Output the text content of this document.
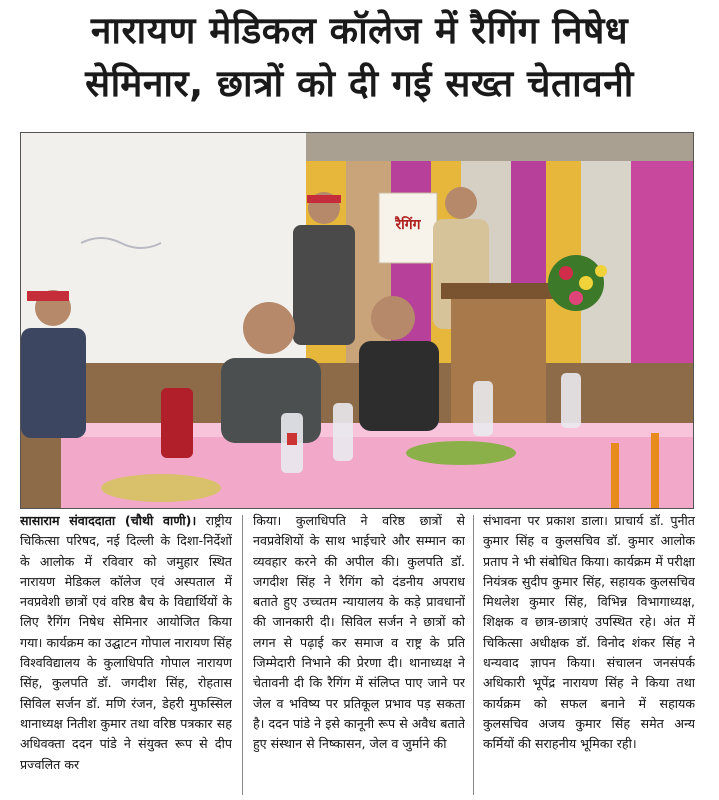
नारायण मेडिकल कॉलेज में रैगिंग निषेध
सेमिनार, छात्रों को दी गई सख्त चेतावनी
रैगिंग
सासाराम संवाददाता (चौथी वाणी)। राष्ट्रीय चिकित्सा परिषद, नई दिल्ली के दिशा-निर्देशों के आलोक में रविवार को जमुहार स्थित नारायण मेडिकल कॉलेज एवं अस्पताल में नवप्रवेशी छात्रों एवं वरिष्ठ बैच के विद्यार्थियों के लिए रैगिंग निषेध सेमिनार आयोजित किया गया। कार्यक्रम का उद्घाटन गोपाल नारायण सिंह विश्वविद्यालय के कुलाधिपति गोपाल नारायण सिंह, कुलपति डॉ. जगदीश सिंह, रोहतास सिविल सर्जन डॉ. मणि रंजन, डेहरी मुफस्सिल थानाध्यक्ष नितीश कुमार तथा वरिष्ठ पत्रकार सह अधिवक्ता ददन पांडे ने संयुक्त रूप से दीप प्रज्वलित कर
किया। कुलाधिपति ने वरिष्ठ छात्रों से नवप्रवेशियों के साथ भाईचारे और सम्मान का व्यवहार करने की अपील की। कुलपति डॉ. जगदीश सिंह ने रैगिंग को दंडनीय अपराध बताते हुए उच्चतम न्यायालय के कड़े प्रावधानों की जानकारी दी। सिविल सर्जन ने छात्रों को लगन से पढ़ाई कर समाज व राष्ट्र के प्रति जिम्मेदारी निभाने की प्रेरणा दी। थानाध्यक्ष ने चेतावनी दी कि रैगिंग में संलिप्त पाए जाने पर जेल व भविष्य पर प्रतिकूल प्रभाव पड़ सकता है। ददन पांडे ने इसे कानूनी रूप से अवैध बताते हुए संस्थान से निष्कासन, जेल व जुर्माने की
संभावना पर प्रकाश डाला। प्राचार्य डॉ. पुनीत कुमार सिंह व कुलसचिव डॉ. कुमार आलोक प्रताप ने भी संबोधित किया। कार्यक्रम में परीक्षा नियंत्रक सुदीप कुमार सिंह, सहायक कुलसचिव मिथलेश कुमार सिंह, विभिन्न विभागाध्यक्ष, शिक्षक व छात्र-छात्राएं उपस्थित रहे। अंत में चिकित्सा अधीक्षक डॉ. विनोद शंकर सिंह ने धन्यवाद ज्ञापन किया। संचालन जनसंपर्क अधिकारी भूपेंद्र नारायण सिंह ने किया तथा कार्यक्रम को सफल बनाने में सहायक कुलसचिव अजय कुमार सिंह समेत अन्य कर्मियों की सराहनीय भूमिका रही।
